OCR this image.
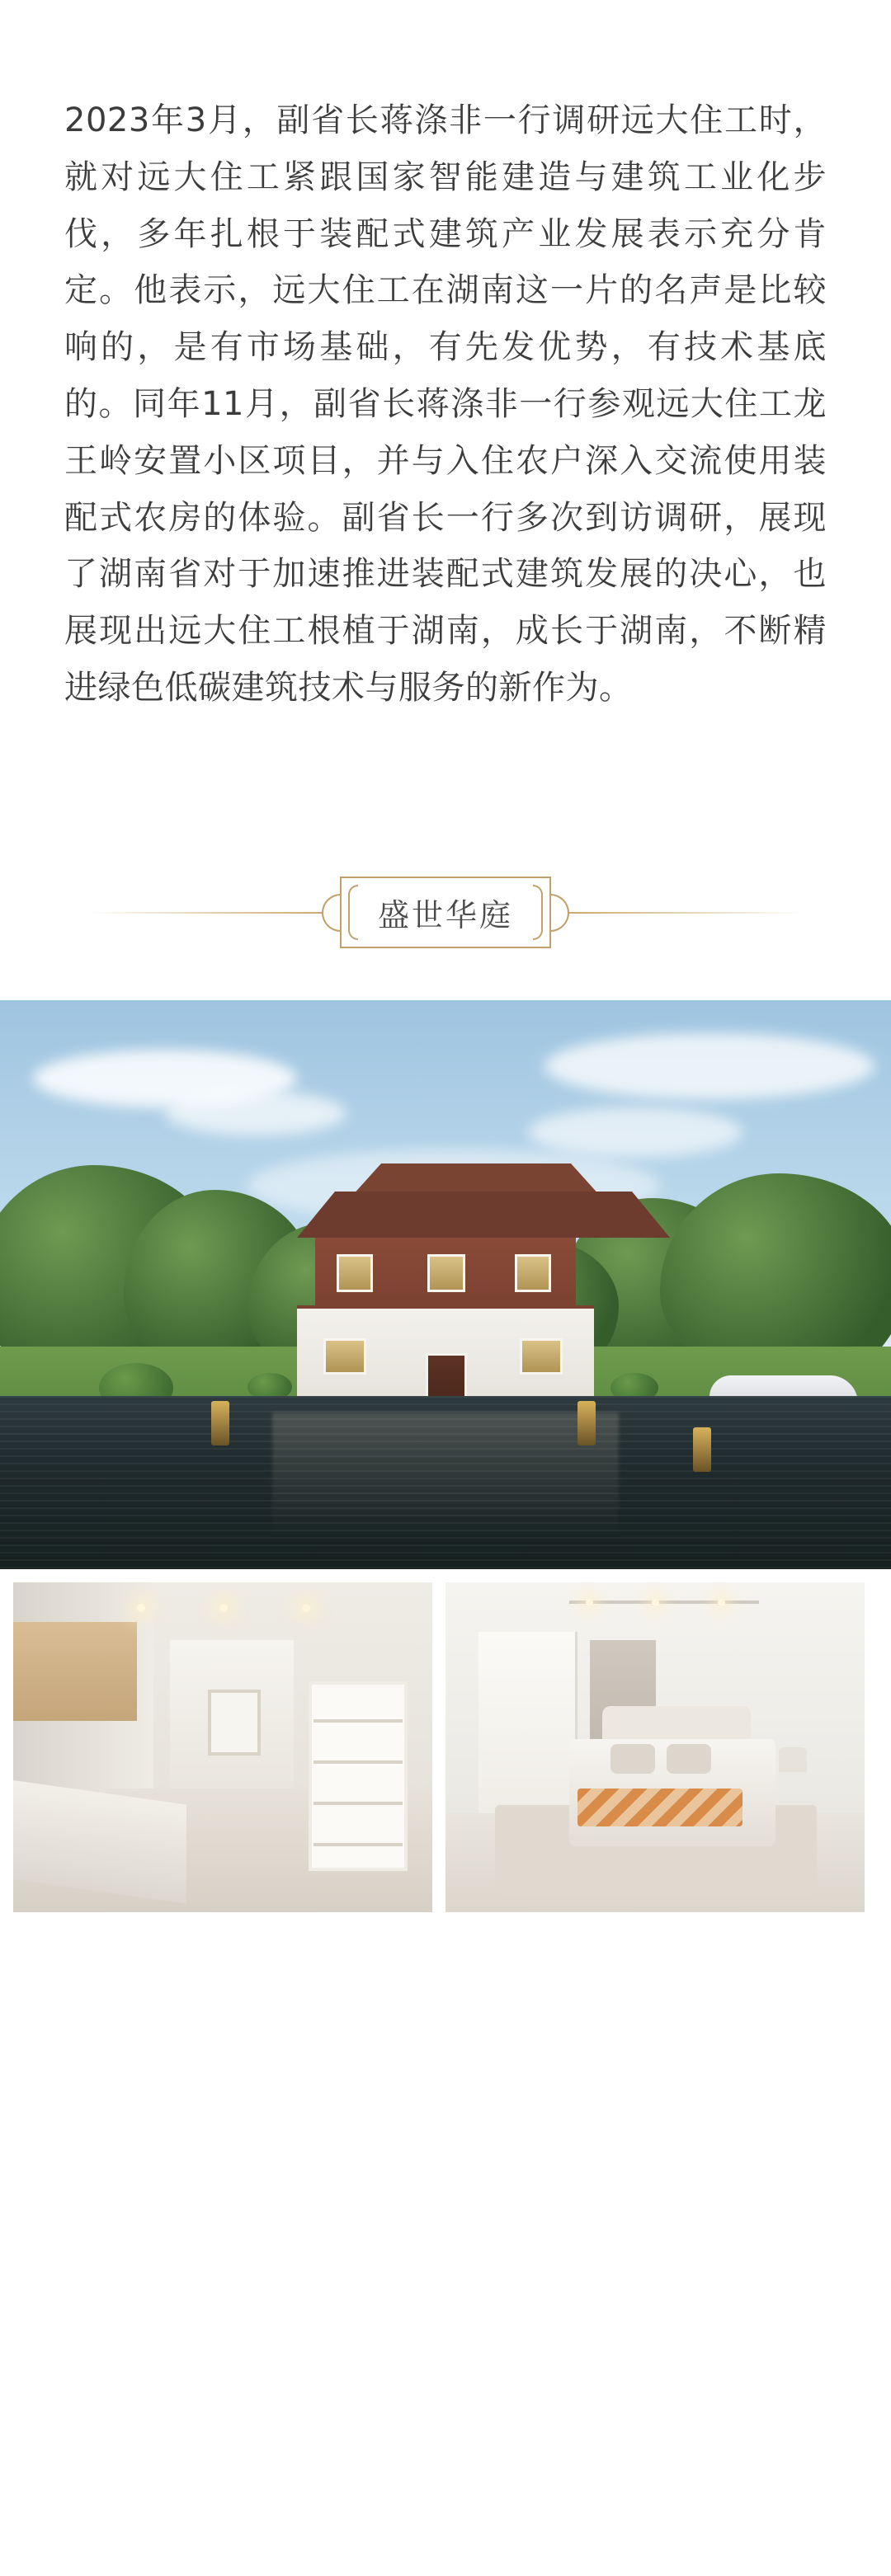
2023年3月，副省长蒋涤非一行调研远大住工时，就对远大住工紧跟国家智能建造与建筑工业化步伐，多年扎根于装配式建筑产业发展表示充分肯定。他表示，远大住工在湖南这一片的名声是比较响的，是有市场基础，有先发优势，有技术基底的。同年11月，副省长蒋涤非一行参观远大住工龙王岭安置小区项目，并与入住农户深入交流使用装配式农房的体验。副省长一行多次到访调研，展现了湖南省对于加速推进装配式建筑发展的决心，也展现出远大住工根植于湖南，成长于湖南，不断精进绿色低碳建筑技术与服务的新作为。

盛世华庭
